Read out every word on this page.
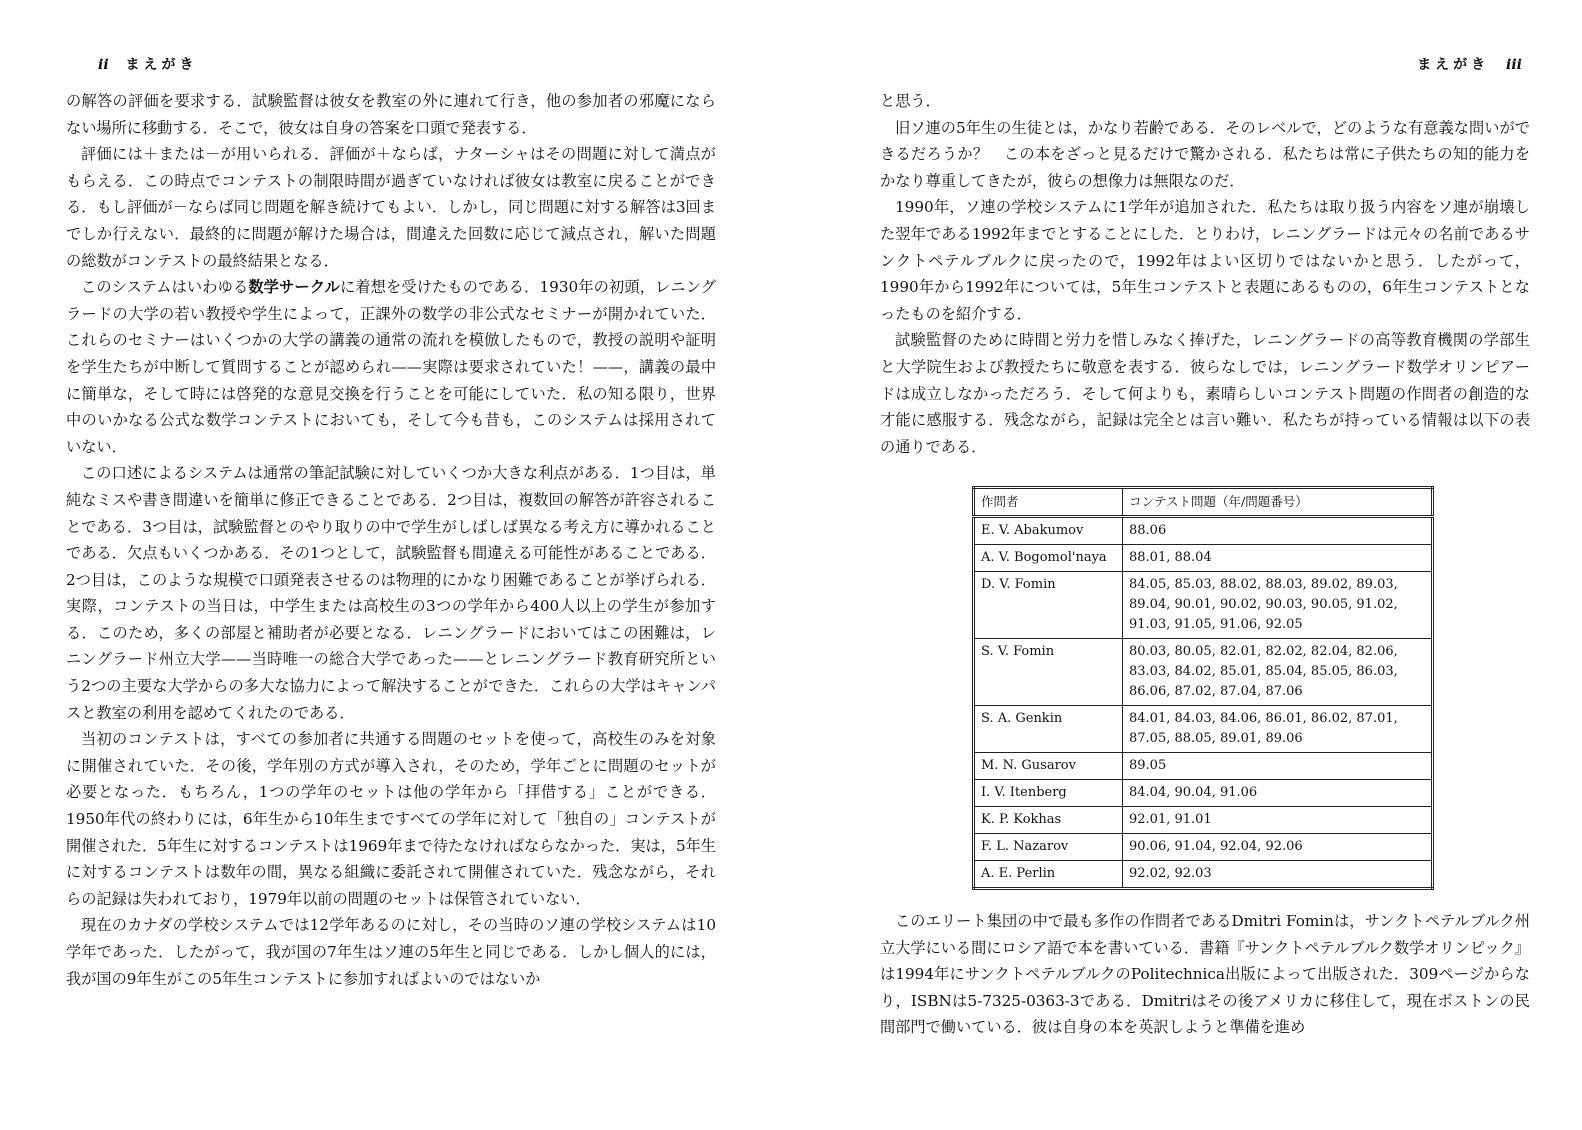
ii まえがき

の解答の評価を要求する．試験監督は彼女を教室の外に連れて行き，他の参加者の邪魔にならない場所に移動する．そこで，彼女は自身の答案を口頭で発表する．

評価には＋または－が用いられる．評価が＋ならば，ナターシャはその問題に対して満点がもらえる．この時点でコンテストの制限時間が過ぎていなければ彼女は教室に戻ることができる．もし評価が－ならば同じ問題を解き続けてもよい．しかし，同じ問題に対する解答は3回までしか行えない．最終的に問題が解けた場合は，間違えた回数に応じて減点され，解いた問題の総数がコンテストの最終結果となる．

このシステムはいわゆる数学サークルに着想を受けたものである．1930年の初頭，レニングラードの大学の若い教授や学生によって，正課外の数学の非公式なセミナーが開かれていた．これらのセミナーはいくつかの大学の講義の通常の流れを模倣したもので，教授の説明や証明を学生たちが中断して質問することが認められ——実際は要求されていた！——，講義の最中に簡単な，そして時には啓発的な意見交換を行うことを可能にしていた．私の知る限り，世界中のいかなる公式な数学コンテストにおいても，そして今も昔も，このシステムは採用されていない．

この口述によるシステムは通常の筆記試験に対していくつか大きな利点がある．1つ目は，単純なミスや書き間違いを簡単に修正できることである．2つ目は，複数回の解答が許容されることである．3つ目は，試験監督とのやり取りの中で学生がしばしば異なる考え方に導かれることである．欠点もいくつかある．その1つとして，試験監督も間違える可能性があることである．2つ目は，このような規模で口頭発表させるのは物理的にかなり困難であることが挙げられる．実際，コンテストの当日は，中学生または高校生の3つの学年から400人以上の学生が参加する．このため，多くの部屋と補助者が必要となる．レニングラードにおいてはこの困難は，レニングラード州立大学——当時唯一の総合大学であった——とレニングラード教育研究所という2つの主要な大学からの多大な協力によって解決することができた．これらの大学はキャンパスと教室の利用を認めてくれたのである．

当初のコンテストは，すべての参加者に共通する問題のセットを使って，高校生のみを対象に開催されていた．その後，学年別の方式が導入され，そのため，学年ごとに問題のセットが必要となった．もちろん，1つの学年のセットは他の学年から「拝借する」ことができる．1950年代の終わりには，6年生から10年生まですべての学年に対して「独自の」コンテストが開催された．5年生に対するコンテストは1969年まで待たなければならなかった．実は，5年生に対するコンテストは数年の間，異なる組織に委託されて開催されていた．残念ながら，それらの記録は失われており，1979年以前の問題のセットは保管されていない．

現在のカナダの学校システムでは12学年あるのに対し，その当時のソ連の学校システムは10学年であった．したがって，我が国の7年生はソ連の5年生と同じである．しかし個人的には，我が国の9年生がこの5年生コンテストに参加すればよいのではないか

まえがき iii

と思う．

旧ソ連の5年生の生徒とは，かなり若齢である．そのレベルで，どのような有意義な問いができるだろうか？　この本をざっと見るだけで驚かされる．私たちは常に子供たちの知的能力をかなり尊重してきたが，彼らの想像力は無限なのだ．

1990年，ソ連の学校システムに1学年が追加された．私たちは取り扱う内容をソ連が崩壊した翌年である1992年までとすることにした．とりわけ，レニングラードは元々の名前であるサンクトペテルブルクに戻ったので，1992年はよい区切りではないかと思う．したがって，1990年から1992年については，5年生コンテストと表題にあるものの，6年生コンテストとなったものを紹介する．

試験監督のために時間と労力を惜しみなく捧げた，レニングラードの高等教育機関の学部生と大学院生および教授たちに敬意を表する．彼らなしでは，レニングラード数学オリンピアードは成立しなかっただろう．そして何よりも，素晴らしいコンテスト問題の作問者の創造的な才能に感服する．残念ながら，記録は完全とは言い難い．私たちが持っている情報は以下の表の通りである．

作問者	コンテスト問題（年/問題番号）
E. V. Abakumov	88.06
A. V. Bogomol'naya	88.01, 88.04
D. V. Fomin	84.05, 85.03, 88.02, 88.03, 89.02, 89.03, 89.04, 90.01, 90.02, 90.03, 90.05, 91.02, 91.03, 91.05, 91.06, 92.05
S. V. Fomin	80.03, 80.05, 82.01, 82.02, 82.04, 82.06, 83.03, 84.02, 85.01, 85.04, 85.05, 86.03, 86.06, 87.02, 87.04, 87.06
S. A. Genkin	84.01, 84.03, 84.06, 86.01, 86.02, 87.01, 87.05, 88.05, 89.01, 89.06
M. N. Gusarov	89.05
I. V. Itenberg	84.04, 90.04, 91.06
K. P. Kokhas	92.01, 91.01
F. L. Nazarov	90.06, 91.04, 92.04, 92.06
A. E. Perlin	92.02, 92.03

このエリート集団の中で最も多作の作問者であるDmitri Fominは，サンクトペテルブルク州立大学にいる間にロシア語で本を書いている．書籍『サンクトペテルブルク数学オリンピック』は1994年にサンクトペテルブルクのPolitechnica出版によって出版された．309ページからなり，ISBNは5-7325-0363-3である．Dmitriはその後アメリカに移住して，現在ボストンの民間部門で働いている．彼は自身の本を英訳しようと準備を進め
